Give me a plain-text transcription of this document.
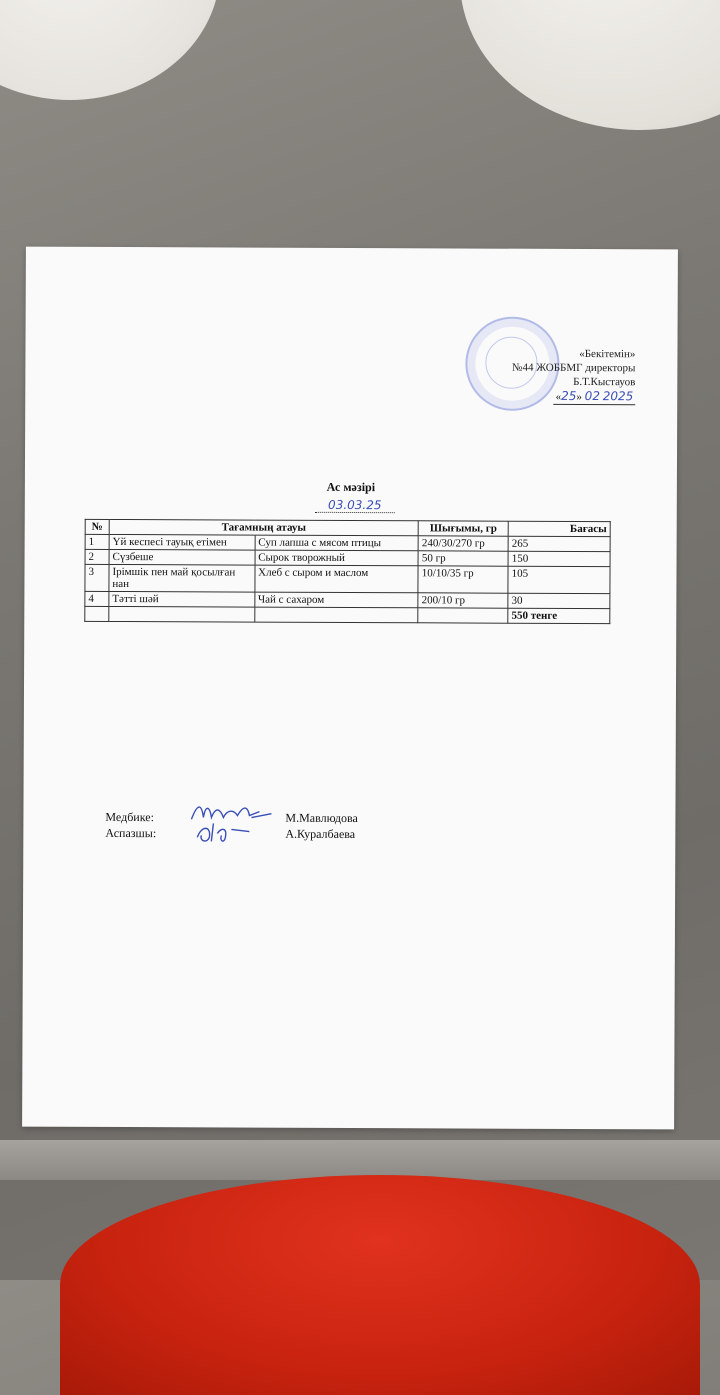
«Бекітемін»
№44 ЖОББМГ директоры
Б.Т.Кыстауов
«25» 02 2025
Ас мәзірі
03.03.25
№	Тағамның атауы		Шығымы, гр	Бағасы
1	Үй кеспесі тауық етімен	Суп лапша с мясом птицы	240/30/270 гр	265
2	Сүзбеше	Сырок творожный	50 гр	150
3	Ірімшік пен май қосылған нан	Хлеб с сыром и маслом	10/10/35 гр	105
4	Тәтті шәй	Чай с сахаром	200/10 гр	30
				550 тенге
Медбике:	М.Мавлюдова
Аспазшы:	А.Куралбаева
